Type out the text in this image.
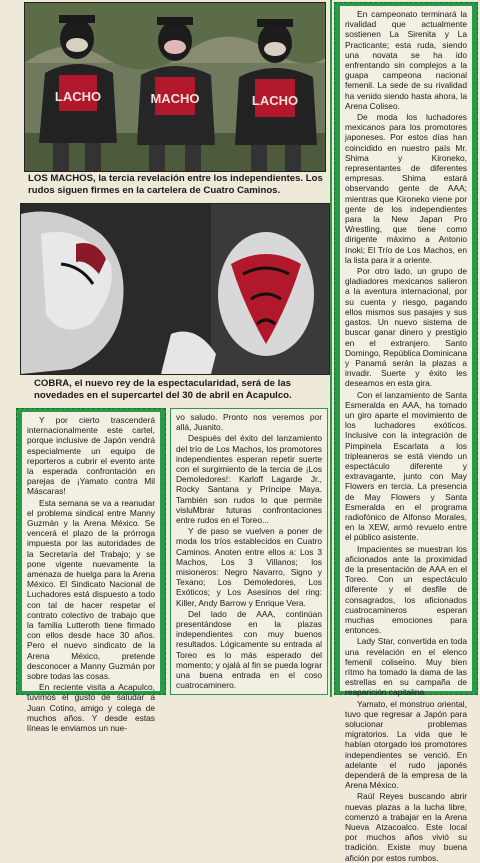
LACHO	MACHO	LACHO
LOS MACHOS, la tercia revelación entre los independientes. Los rudos siguen firmes en la cartelera de Cuatro Caminos.
COBRA, el nuevo rey de la espectacularidad, será de las novedades en el supercartel del 30 de abril en Acapulco.

En campeonato terminará la rivalidad que actualmente sostienen La Sirenita y La Practicante; esta ruda, siendo una novata se ha ido enfrentando sin complejos a la guapa campeona nacional femenil. La sede de su rivalidad ha venido siendo hasta ahora, la Arena Coliseo.

De moda los luchadores mexicanos para los promotores japoneses. Por estos días han coincidido en nuestro país Mr. Shima y Kironeko, representantes de diferentes empresas. Shima estará observando gente de AAA; mientras que Kironeko viene por gente de los independientes para la New Japan Pro Wrestling, que tiene como dirigente máximo a Antonio Inoki; El Trío de Los Machos, en la lista para ir a oriente.

Por otro lado, un grupo de gladiadores mexicanos salieron a la aventura internacional, por su cuenta y riesgo, pagando ellos mismos sus pasajes y sus gastos. Un nuevo sistema de buscar ganar dinero y prestigio en el extranjero. Santo Domingo, República Dominicana y Panamá serán la plazas a invadir. Suerte y éxito les deseamos en esta gira.

Con el lanzamiento de Santa Esmeralda en AAA, ha tomado un giro aparte el movimiento de los luchadores exóticos. Inclusive con la integración de Pimpinela Escarlata a los tripleaneros se está viendo un espectáculo diferente y extravagante, junto con May Flowers en tercia. La presencia de May Flowers y Santa Esmeralda en el programa radiofónico de Alfonso Morales, en la XEW, armó revuelo entre el público asistente.

Impacientes se muestran los aficionados ante la proximidad de la presentación de AAA en el Toreo. Con un espectáculo diferente y el desfile de consagrados, los aficionados cuatrocamineros esperan muchas emociones para entonces.

Lady Star, convertida en toda una revelación en el elenco femenil coliseíno. Muy bien rítmo ha tomado la dama de las estrellas en su campaña de reaparición capitalina.

Yamato, el monstruo oriental, tuvo que regresar a Japón para solucionar problemas migratorios. La vida que le habían otorgado los promotores independientes se venció. En adelante el rudo japonés dependerá de la empresa de la Arena México.

Raúl Reyes buscando abrir nuevas plazas a la lucha libre, comenzó a trabajar en la Arena Nueva Atzacoalco. Este local por muchos años vivió su tradición. Existe muy buena afición por estos rumbos.

Y por cierto trascenderá internacionalmente este cartel, porque inclusive de Japón vendrá especialmente un equipo de reporteros a cubrir el evento ante la esperada confrontación en parejas de ¡Yamato contra Mil Máscaras!

Esta semana se va a reanudar el problema sindical entre Manny Guzmán y la Arena México. Se vencerá el plazo de la prórroga impuesta por las autoridades de la Secretaría del Trabajo; y se pone vigente nuevamente la amenaza de huelga para la Arena México. El Sindicato Nacional de Luchadores está dispuesto a todo con tal de hacer respetar el contrato colectivo de trabajo que la familia Lutteroth tiene firmado con ellos desde hace 30 años. Pero el nuevo sindicato de la Arena México, pretende desconocer a Manny Guzmán por sobre todas las cosas.

En reciente visita a Acapulco, tuvimos el gusto de saludar a Juan Cotino, amigo y colega de muchos años. Y desde estas líneas le enviamos un nue-

vo saludo. Pronto nos veremos por allá, Juanito.

Después del éxito del lanzamiento del trío de Los Machos, los promotores independientes esperan repetir suerte con el surgimiento de la tercia de ¡Los Demoledores!: Karloff Lagarde Jr., Rocky Santana y Príncipe Maya. También son rudos lo que permite visluMbrar futuras confrontaciones entre rudos en el Toreo...

Y de paso se vuelven a poner de moda los tríos establecidos en Cuatro Caminos. Anoten entre ellos a: Los 3 Machos, Los 3 Villanos; los misioneros: Negro Navarro, Signo y Texano; Los Demoledores, Los Exóticos; y Los Asesinos del ring: Killer, Andy Barrow y Enrique Vera.

Del lado de AAA, continúan presentándose en la plazas independientes con muy buenos resultados. Lógicamente su entrada al Toreo es lo más esperado del momento; y ojalá al fin se pueda lograr una buena entrada en el coso cuatrocaminero.
